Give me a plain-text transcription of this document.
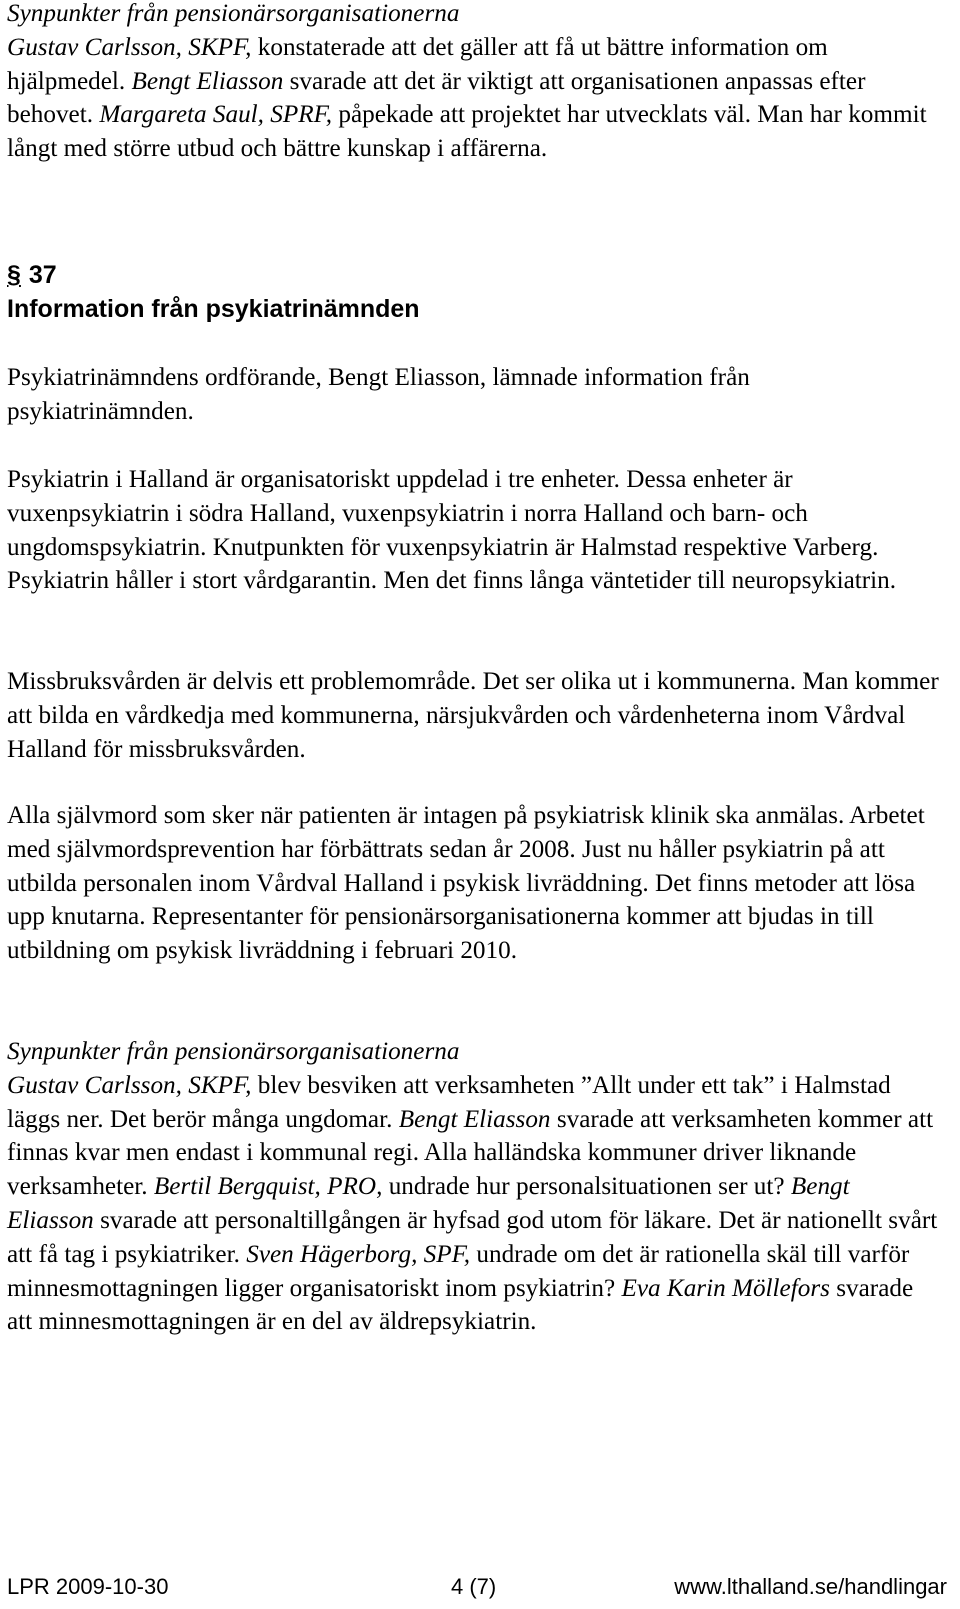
Synpunkter från pensionärsorganisationerna

Gustav Carlsson, SKPF, konstaterade att det gäller att få ut bättre information om hjälpmedel. Bengt Eliasson svarade att det är viktigt att organisationen anpassas efter behovet. Margareta Saul, SPRF, påpekade att projektet har utvecklats väl. Man har kommit långt med större utbud och bättre kunskap i affärerna.

§ 37

Information från psykiatrinämnden

Psykiatrinämndens ordförande, Bengt Eliasson, lämnade information från psykiatrinämnden.

Psykiatrin i Halland är organisatoriskt uppdelad i tre enheter. Dessa enheter är vuxenpsykiatrin i södra Halland, vuxenpsykiatrin i norra Halland och barn- och ungdomspsykiatrin. Knutpunkten för vuxenpsykiatrin är Halmstad respektive Varberg. Psykiatrin håller i stort vårdgarantin. Men det finns långa väntetider till neuropsykiatrin.

Missbruksvården är delvis ett problemområde. Det ser olika ut i kommunerna. Man kommer att bilda en vårdkedja med kommunerna, närsjukvården och vårdenheterna inom Vårdval Halland för missbruksvården.

Alla självmord som sker när patienten är intagen på psykiatrisk klinik ska anmälas. Arbetet med självmordsprevention har förbättrats sedan år 2008. Just nu håller psykiatrin på att utbilda personalen inom Vårdval Halland i psykisk livräddning. Det finns metoder att lösa upp knutarna. Representanter för pensionärsorganisationerna kommer att bjudas in till utbildning om psykisk livräddning i februari 2010.

Synpunkter från pensionärsorganisationerna

Gustav Carlsson, SKPF, blev besviken att verksamheten ”Allt under ett tak” i Halmstad läggs ner. Det berör många ungdomar. Bengt Eliasson svarade att verksamheten kommer att finnas kvar men endast i kommunal regi. Alla halländska kommuner driver liknande verksamheter. Bertil Bergquist, PRO, undrade hur personalsituationen ser ut? Bengt Eliasson svarade att personaltillgången är hyfsad god utom för läkare. Det är nationellt svårt att få tag i psykiatriker. Sven Hägerborg, SPF, undrade om det är rationella skäl till varför minnesmottagningen ligger organisatoriskt inom psykiatrin? Eva Karin Möllefors svarade att minnesmottagningen är en del av äldrepsykiatrin.

LPR 2009-10-30	4 (7)	www.lthalland.se/handlingar
